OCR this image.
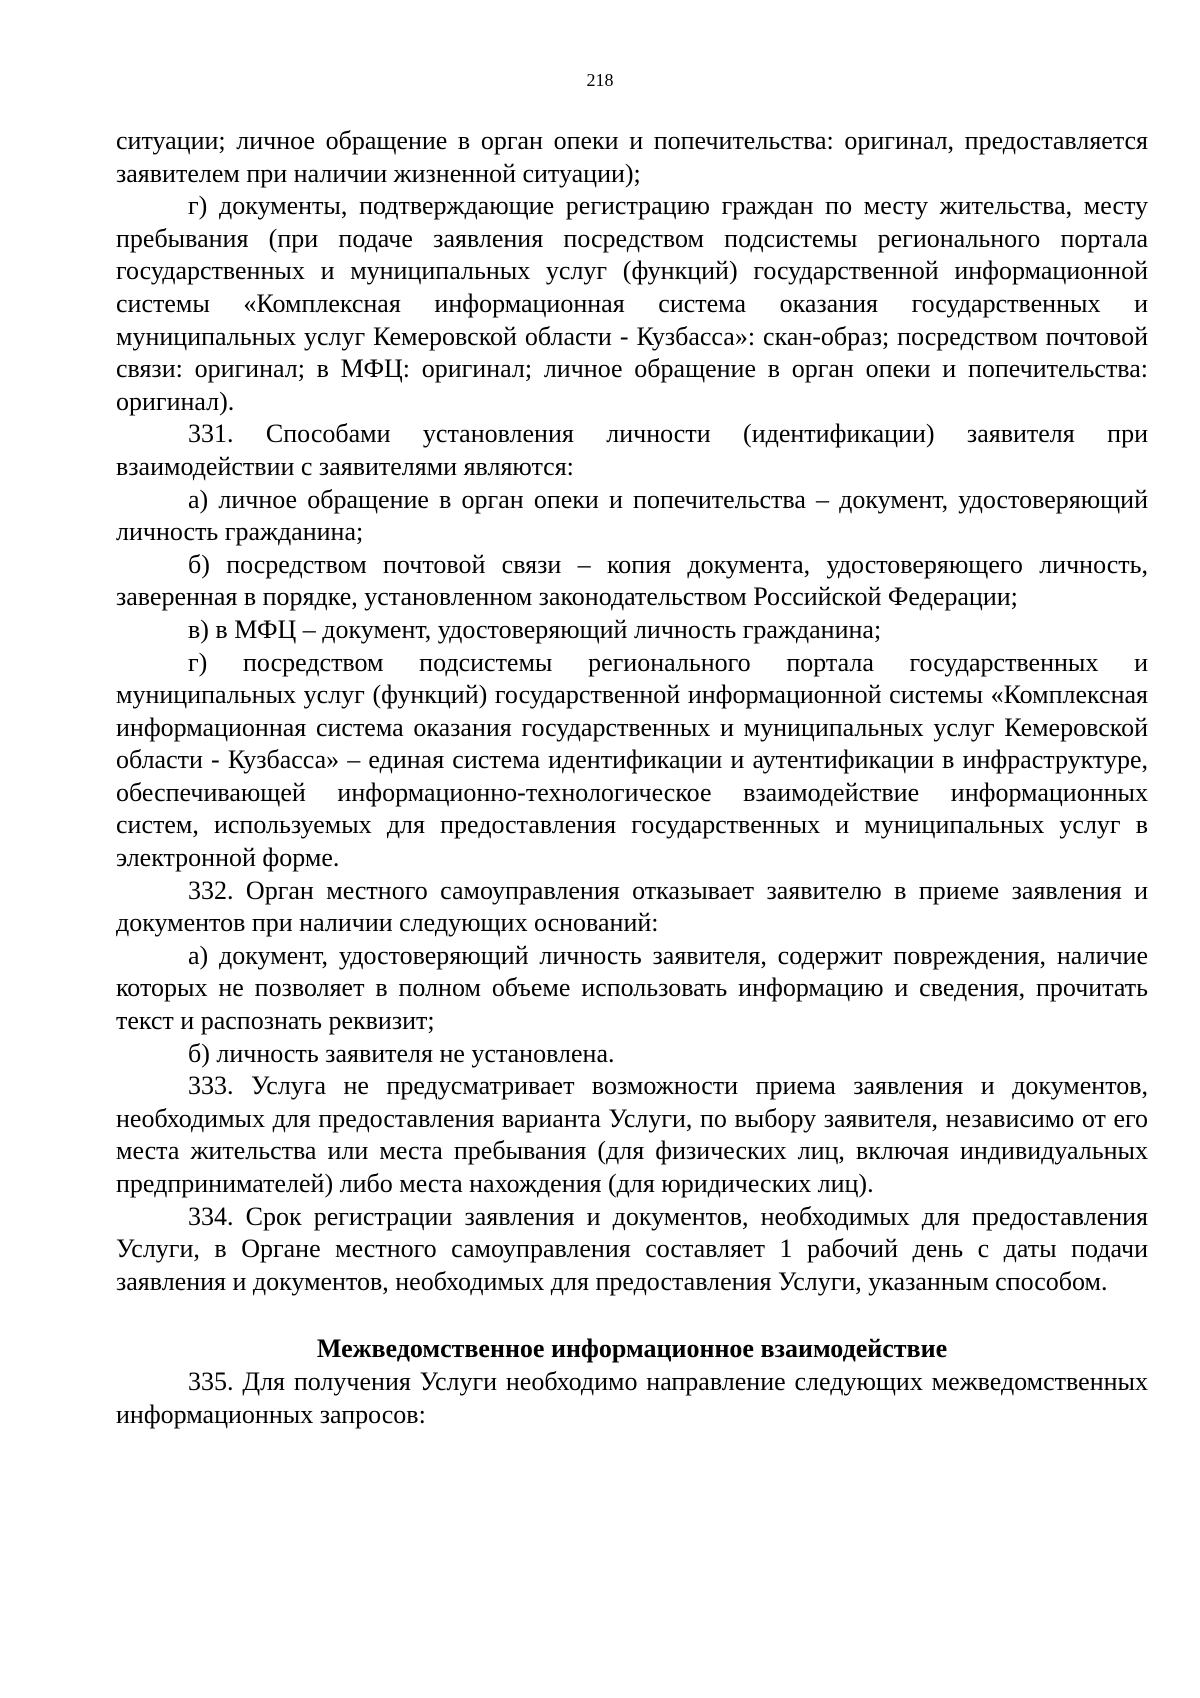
218

ситуации; личное обращение в орган опеки и попечительства: оригинал, предоставляется заявителем при наличии жизненной ситуации);

г) документы, подтверждающие регистрацию граждан по месту жительства, месту пребывания (при подаче заявления посредством подсистемы регионального портала государственных и муниципальных услуг (функций) государственной информационной системы «Комплексная информационная система оказания государственных и муниципальных услуг Кемеровской области - Кузбасса»: скан-образ; посредством почтовой связи: оригинал; в МФЦ: оригинал; личное обращение в орган опеки и попечительства: оригинал).

331. Способами установления личности (идентификации) заявителя при взаимодействии с заявителями являются:

а) личное обращение в орган опеки и попечительства – документ, удостоверяющий личность гражданина;

б) посредством почтовой связи – копия документа, удостоверяющего личность, заверенная в порядке, установленном законодательством Российской Федерации;

в) в МФЦ – документ, удостоверяющий личность гражданина;

г) посредством подсистемы регионального портала государственных и муниципальных услуг (функций) государственной информационной системы «Комплексная информационная система оказания государственных и муниципальных услуг Кемеровской области - Кузбасса» – единая система идентификации и аутентификации в инфраструктуре, обеспечивающей информационно-технологическое взаимодействие информационных систем, используемых для предоставления государственных и муниципальных услуг в электронной форме.

332. Орган местного самоуправления отказывает заявителю в приеме заявления и документов при наличии следующих оснований:

а) документ, удостоверяющий личность заявителя, содержит повреждения, наличие которых не позволяет в полном объеме использовать информацию и сведения, прочитать текст и распознать реквизит;

б) личность заявителя не установлена.

333. Услуга не предусматривает возможности приема заявления и документов, необходимых для предоставления варианта Услуги, по выбору заявителя, независимо от его места жительства или места пребывания (для физических лиц, включая индивидуальных предпринимателей) либо места нахождения (для юридических лиц).

334. Срок регистрации заявления и документов, необходимых для предоставления Услуги, в Органе местного самоуправления составляет 1 рабочий день с даты подачи заявления и документов, необходимых для предоставления Услуги, указанным способом.

Межведомственное информационное взаимодействие

335. Для получения Услуги необходимо направление следующих межведомственных информационных запросов:
